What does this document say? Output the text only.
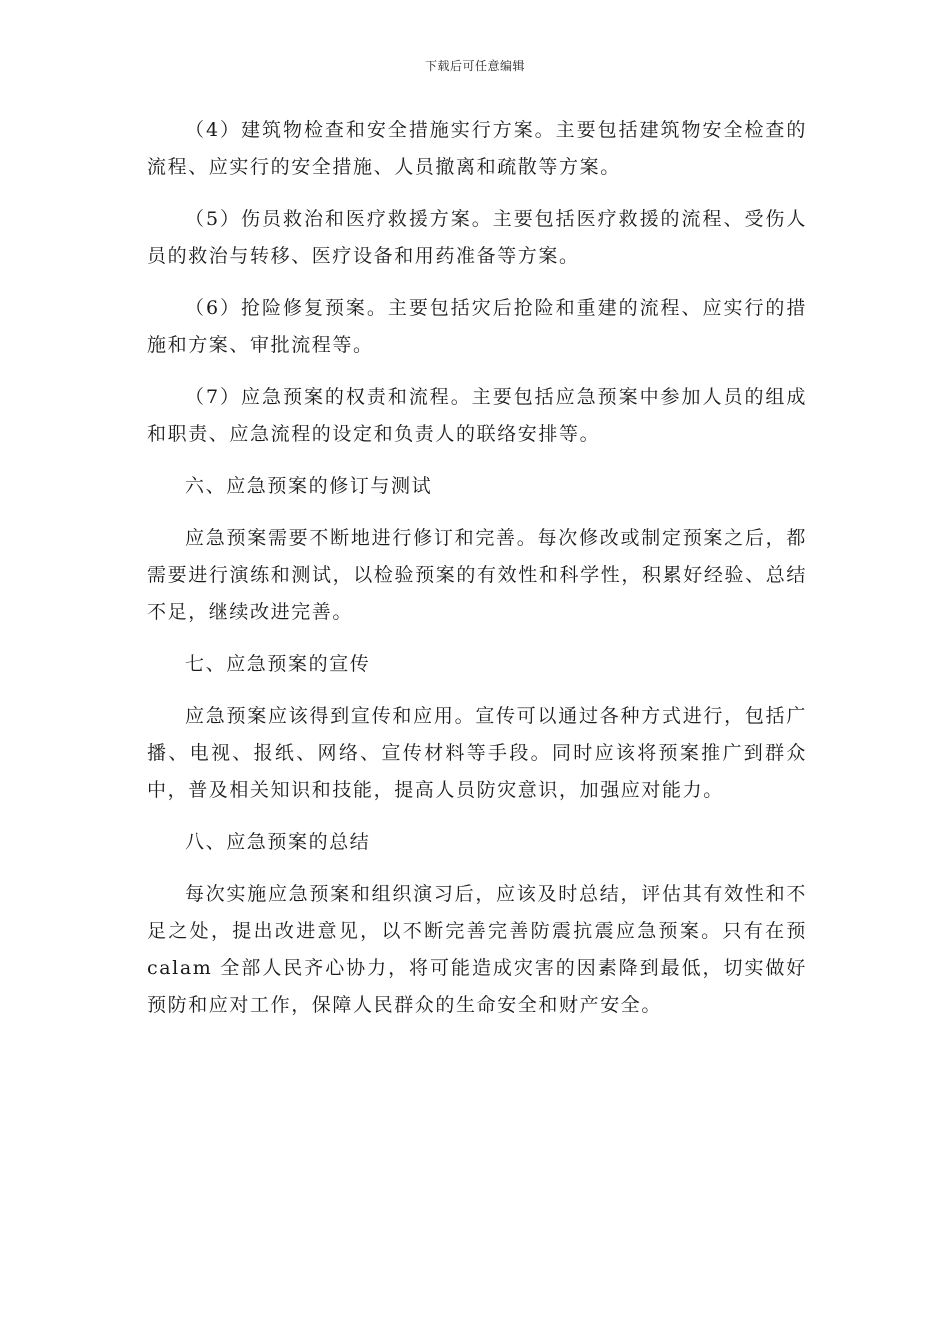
下载后可任意编辑

（4）建筑物检查和安全措施实行方案。主要包括建筑物安全检查的流程、应实行的安全措施、人员撤离和疏散等方案。

（5）伤员救治和医疗救援方案。主要包括医疗救援的流程、受伤人员的救治与转移、医疗设备和用药准备等方案。

（6）抢险修复预案。主要包括灾后抢险和重建的流程、应实行的措施和方案、审批流程等。

（7）应急预案的权责和流程。主要包括应急预案中参加人员的组成和职责、应急流程的设定和负责人的联络安排等。

六、应急预案的修订与测试

应急预案需要不断地进行修订和完善。每次修改或制定预案之后，都需要进行演练和测试，以检验预案的有效性和科学性，积累好经验、总结不足，继续改进完善。

七、应急预案的宣传

应急预案应该得到宣传和应用。宣传可以通过各种方式进行，包括广播、电视、报纸、网络、宣传材料等手段。同时应该将预案推广到群众中，普及相关知识和技能，提高人员防灾意识，加强应对能力。

八、应急预案的总结

每次实施应急预案和组织演习后，应该及时总结，评估其有效性和不足之处，提出改进意见，以不断完善完善防震抗震应急预案。只有在预 calam 全部人民齐心协力，将可能造成灾害的因素降到最低，切实做好预防和应对工作，保障人民群众的生命安全和财产安全。
